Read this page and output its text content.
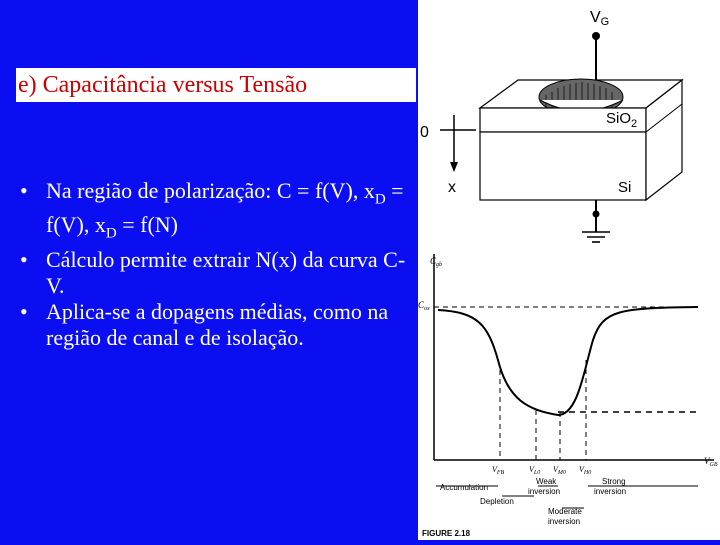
e) Capacitância versus Tensão
• Na região de polarização: C = f(V), $x_D = f(V)$, $x_D = f(N)$
• Cálculo permite extrair N(x) da curva C-V.
• Aplica-se a dopagens médias, como na região de canal e de isolação.
VG
SiO$_2$
Si
0
x
$C_{gb}$
$C_{ox}$
$V_{GB}$
$V_{FB}$	$V_{L0}$ $V_{M0}$ $V_{H0}$
Accumulation
Depletion
Weak
inversion
Strong
inversion
Moderate
inversion
FIGURE 2.18
